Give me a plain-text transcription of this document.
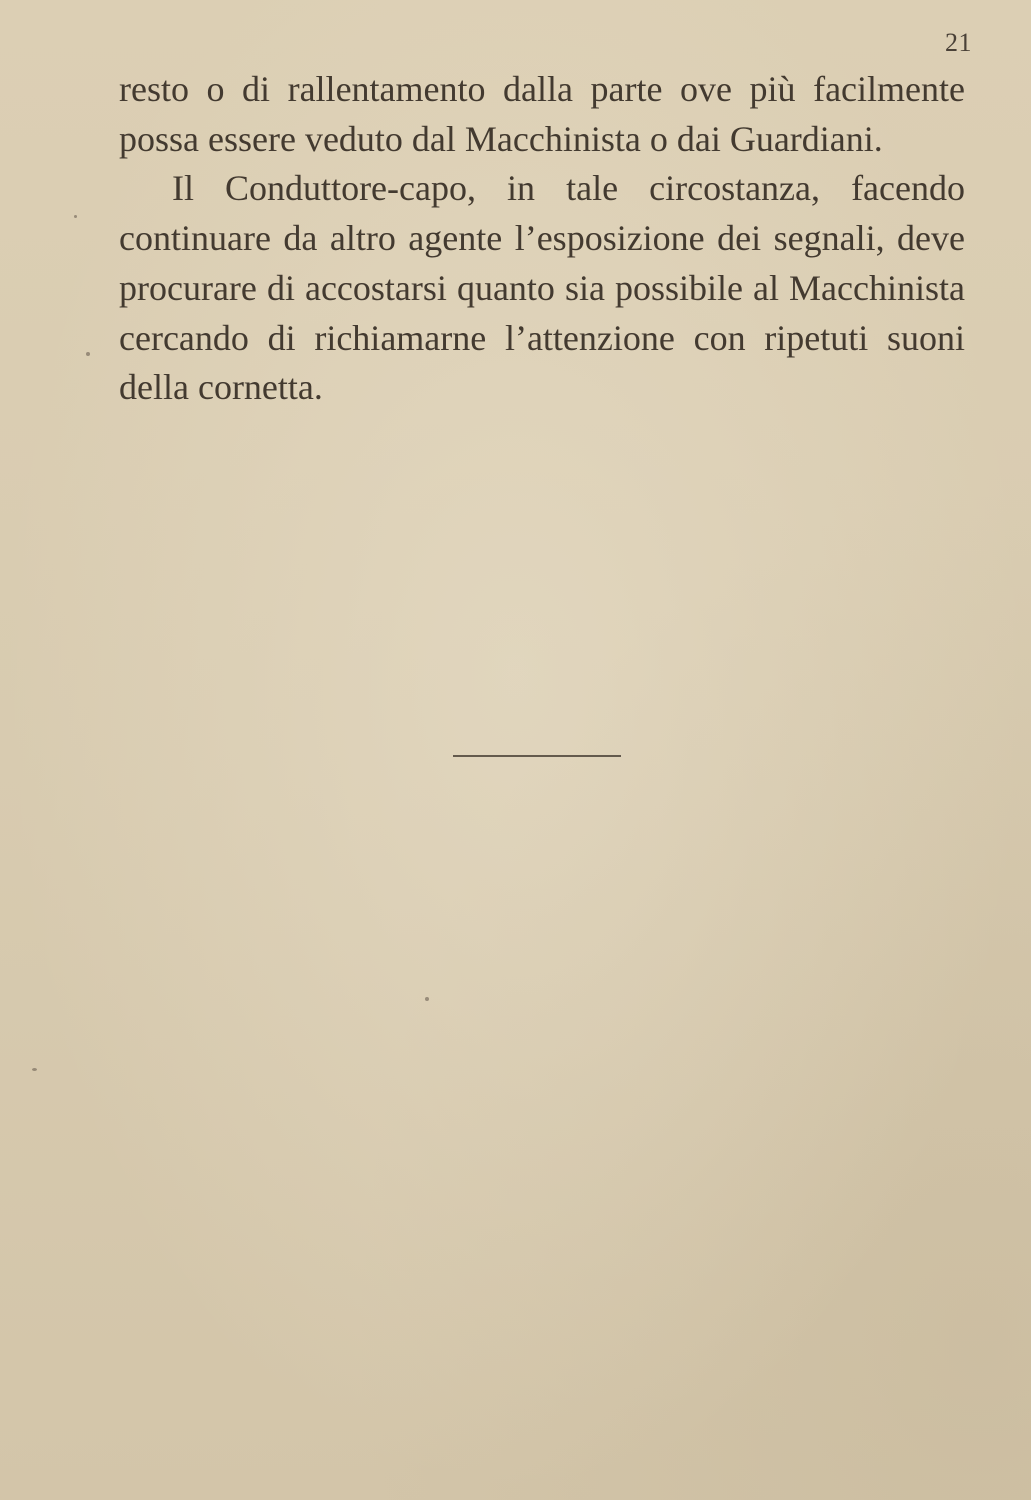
21

resto o di rallentamento dalla parte ove più facilmente possa essere veduto dal Macchinista o dai Guardiani.

Il Conduttore-capo, in tale circostanza, facendo continuare da altro agente l’esposizione dei segnali, deve procurare di accostarsi quanto sia possibile al Macchinista cercando di richiamarne l’attenzione con ripetuti suoni della cornetta.
